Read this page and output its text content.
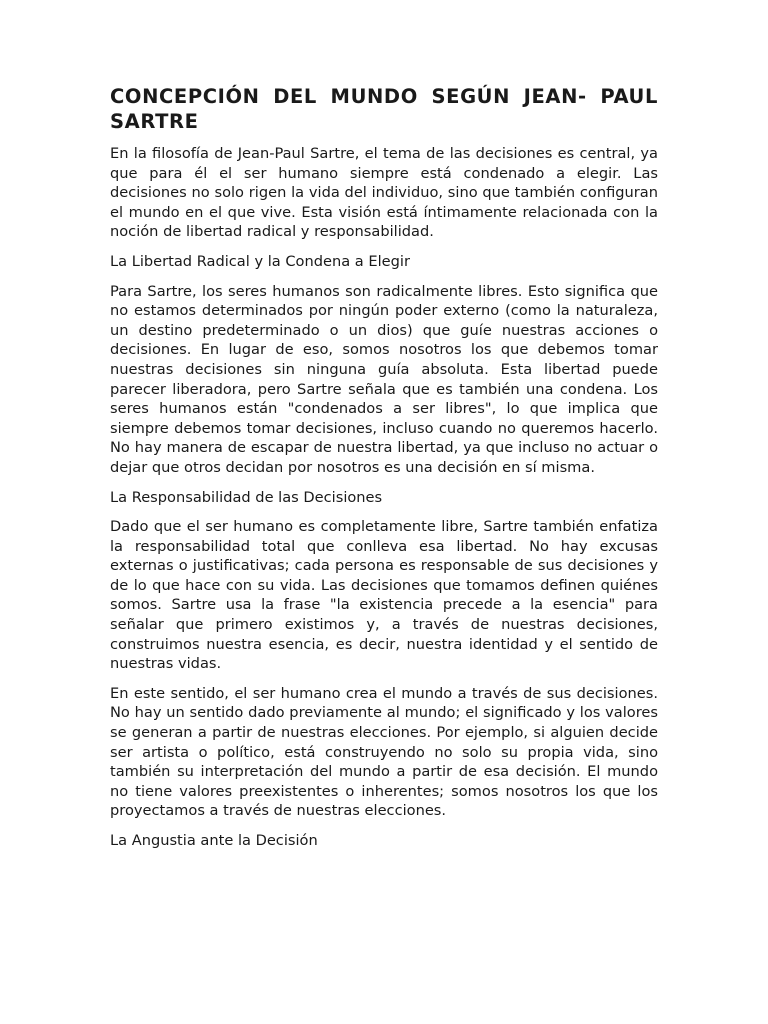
CONCEPCIÓN DEL MUNDO SEGÚN JEAN- PAUL SARTRE

En la filosofía de Jean-Paul Sartre, el tema de las decisiones es central, ya que para él el ser humano siempre está condenado a elegir. Las decisiones no solo rigen la vida del individuo, sino que también configuran el mundo en el que vive. Esta visión está íntimamente relacionada con la noción de libertad radical y responsabilidad.

La Libertad Radical y la Condena a Elegir

Para Sartre, los seres humanos son radicalmente libres. Esto significa que no estamos determinados por ningún poder externo (como la naturaleza, un destino predeterminado o un dios) que guíe nuestras acciones o decisiones. En lugar de eso, somos nosotros los que debemos tomar nuestras decisiones sin ninguna guía absoluta. Esta libertad puede parecer liberadora, pero Sartre señala que es también una condena. Los seres humanos están "condenados a ser libres", lo que implica que siempre debemos tomar decisiones, incluso cuando no queremos hacerlo. No hay manera de escapar de nuestra libertad, ya que incluso no actuar o dejar que otros decidan por nosotros es una decisión en sí misma.

La Responsabilidad de las Decisiones

Dado que el ser humano es completamente libre, Sartre también enfatiza la responsabilidad total que conlleva esa libertad. No hay excusas externas o justificativas; cada persona es responsable de sus decisiones y de lo que hace con su vida. Las decisiones que tomamos definen quiénes somos. Sartre usa la frase "la existencia precede a la esencia" para señalar que primero existimos y, a través de nuestras decisiones, construimos nuestra esencia, es decir, nuestra identidad y el sentido de nuestras vidas.

En este sentido, el ser humano crea el mundo a través de sus decisiones. No hay un sentido dado previamente al mundo; el significado y los valores se generan a partir de nuestras elecciones. Por ejemplo, si alguien decide ser artista o político, está construyendo no solo su propia vida, sino también su interpretación del mundo a partir de esa decisión. El mundo no tiene valores preexistentes o inherentes; somos nosotros los que los proyectamos a través de nuestras elecciones.

La Angustia ante la Decisión
